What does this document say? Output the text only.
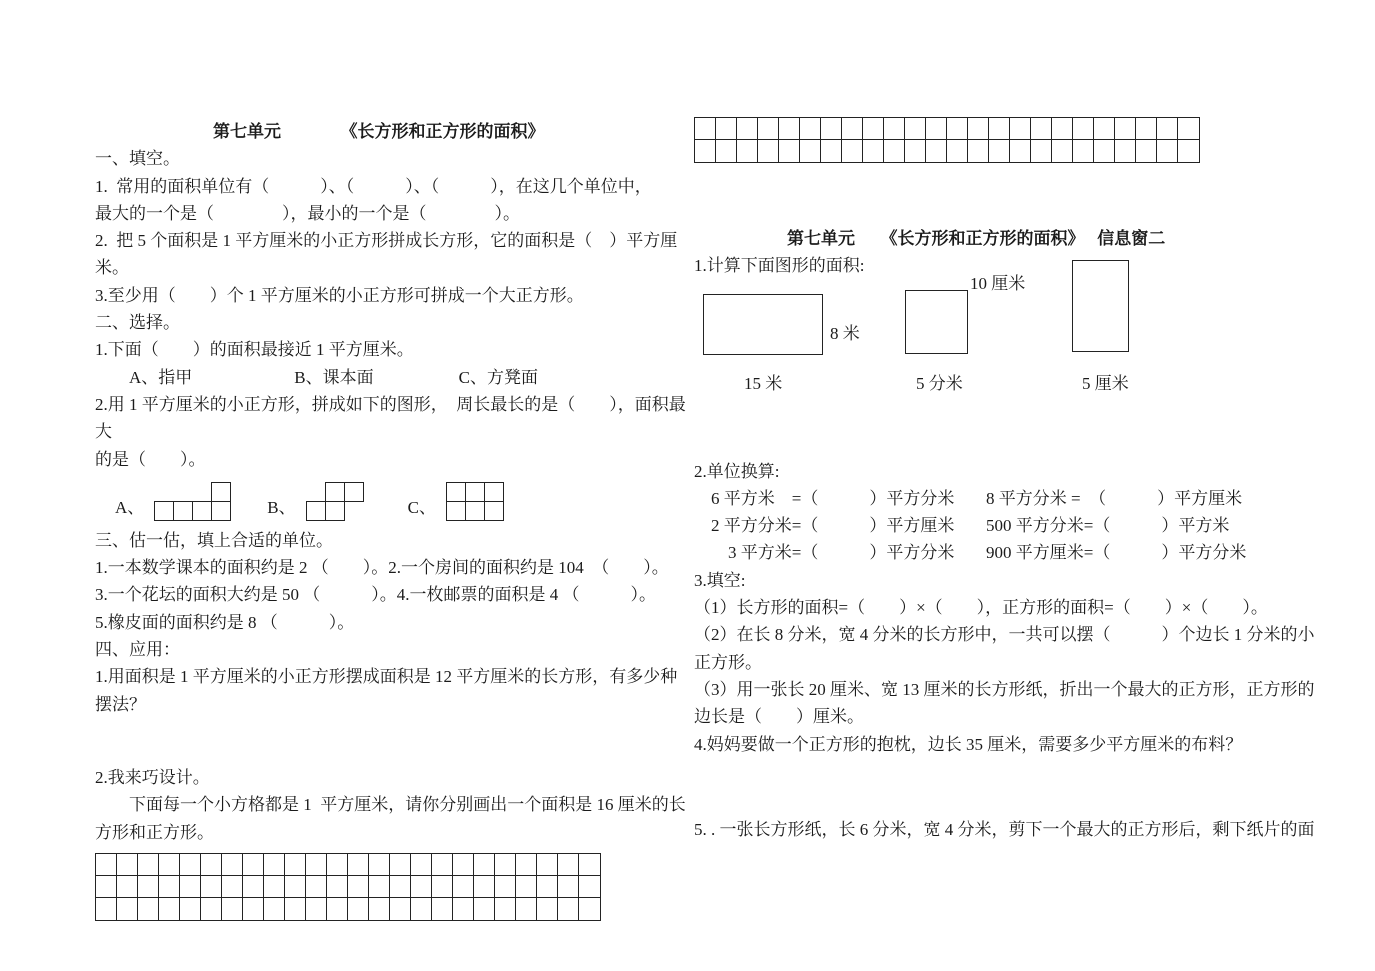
第七单元　　　　《长方形和正方形的面积》
一、填空。
1.  常用的面积单位有（　　　）、（　　　）、（　　　），在这几个单位中，
最大的一个是（　　　　），最小的一个是（　　　　）。
2.  把 5 个面积是 1 平方厘米的小正方形拼成长方形，它的面积是（　）平方厘米。
3.至少用（　　）个 1 平方厘米的小正方形可拼成一个大正方形。
二、选择。
1.下面（　　）的面积最接近 1 平方厘米。
　　A、指甲　　　　　　B、课本面　　　　　C、方凳面
2.用 1 平方厘米的小正方形，拼成如下的图形，  周长最长的是（　　），面积最大
的是（　　）。
A、	B、	C、
三、估一估，填上合适的单位。
1.一本数学课本的面积约是 2 （　　）。2.一个房间的面积约是 104  （　　）。
3.一个花坛的面积大约是 50 （　　　）。4.一枚邮票的面积是 4 （　　　）。
5.橡皮面的面积约是 8 （　　　）。
四、应用：
1.用面积是 1 平方厘米的小正方形摆成面积是 12 平方厘米的长方形，有多少种摆法？
2.我来巧设计。
　　下面每一个小方格都是 1  平方厘米，请你分别画出一个面积是 16 厘米的长方形和正方形。
第七单元　　《长方形和正方形的面积》　 信息窗二
1.计算下面图形的面积:
8 米
10 厘米
15 米	5 分米	5 厘米
2.单位换算:
　6 平方米　=（　　　）平方分米	8 平方分米 =　（　　　）平方厘米
　2 平方分米=（　　　）平方厘米	500 平方分米=（　　　）平方米
　　3 平方米=（　　　）平方分米	900 平方厘米=（　　　）平方分米
3.填空:
（1）长方形的面积=（　　）×（　　），正方形的面积=（　　）×（　　）。
（2）在长 8 分米，宽 4 分米的长方形中，一共可以摆（　　　）个边长 1 分米的小正方形。
（3）用一张长 20 厘米、宽 13 厘米的长方形纸，折出一个最大的正方形，正方形的边长是（　　）厘米。
4.妈妈要做一个正方形的抱枕，边长 35 厘米，需要多少平方厘米的布料？
5. . 一张长方形纸，长 6 分米，宽 4 分米，剪下一个最大的正方形后，剩下纸片的面
